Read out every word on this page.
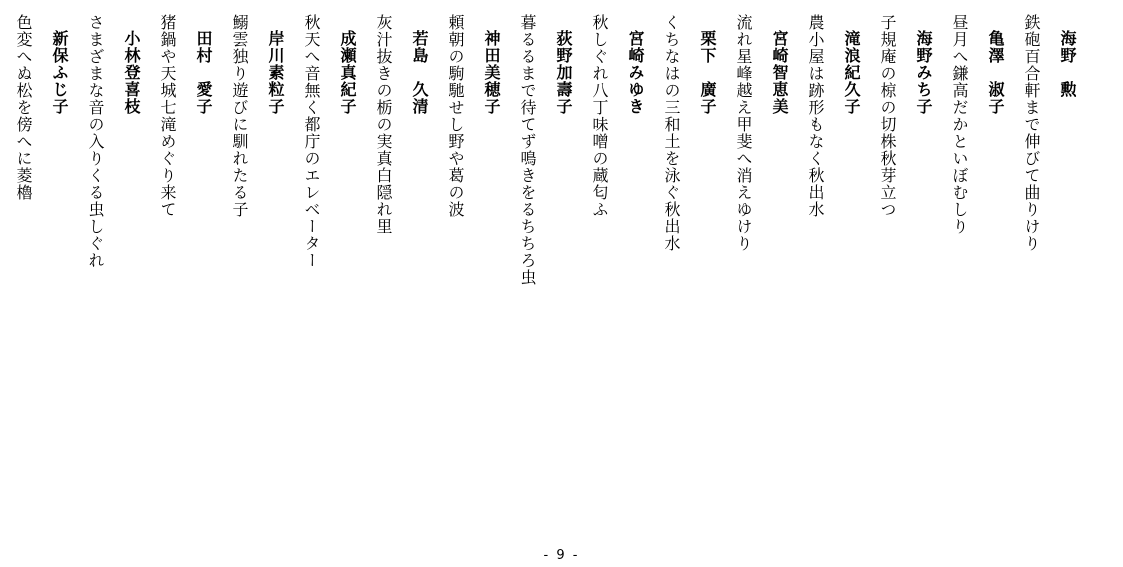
海野　勲
鉄砲百合軒まで伸びて曲りけり
亀澤　淑子
昼月へ鎌高だかといぼむしり
海野みち子
子規庵の椋の切株秋芽立つ
滝浪紀久子
農小屋は跡形もなく秋出水
宮崎智恵美
流れ星峰越え甲斐へ消えゆけり
栗下　廣子
くちなはの三和土を泳ぐ秋出水
宮崎みゆき
秋しぐれ八丁味噌の蔵匂ふ
荻野加壽子
暮るるまで待てず鳴きをるちちろ虫
神田美穂子
頼朝の駒馳せし野や葛の波
若島　久清
灰汁抜きの栃の実真白隠れ里
成瀬真紀子
秋天へ音無く都庁のエレベーター
岸川素粒子
鰯雲独り遊びに馴れたる子
田村　愛子
猪鍋や天城七滝めぐり来て
小林登喜枝
さまざまな音の入りくる虫しぐれ
新保ふじ子
色変へぬ松を傍へに菱櫓
- 9 -
